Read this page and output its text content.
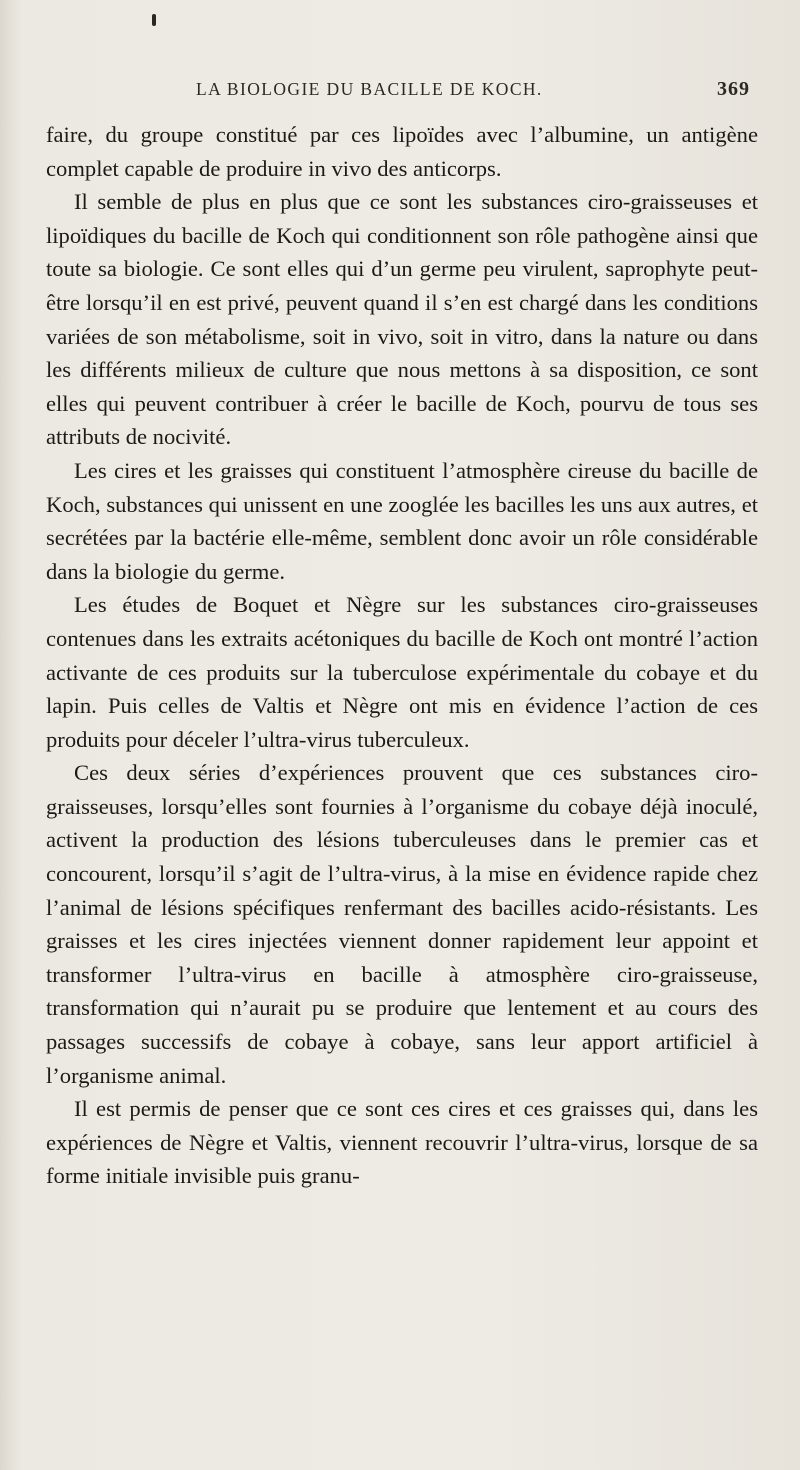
LA BIOLOGIE DU BACILLE DE KOCH.	369

faire, du groupe constitué par ces lipoïdes avec l’albumine, un antigène complet capable de produire in vivo des anticorps.

Il semble de plus en plus que ce sont les substances ciro-graisseuses et lipoïdiques du bacille de Koch qui conditionnent son rôle pathogène ainsi que toute sa biologie. Ce sont elles qui d’un germe peu virulent, saprophyte peut-être lorsqu’il en est privé, peuvent quand il s’en est chargé dans les conditions variées de son métabolisme, soit in vivo, soit in vitro, dans la nature ou dans les différents milieux de culture que nous mettons à sa disposition, ce sont elles qui peuvent contribuer à créer le bacille de Koch, pourvu de tous ses attributs de nocivité.

Les cires et les graisses qui constituent l’atmosphère cireuse du bacille de Koch, substances qui unissent en une zooglée les bacilles les uns aux autres, et secrétées par la bactérie elle-même, semblent donc avoir un rôle considérable dans la biologie du germe.

Les études de Boquet et Nègre sur les substances ciro-graisseuses contenues dans les extraits acétoniques du bacille de Koch ont montré l’action activante de ces produits sur la tuberculose expérimentale du cobaye et du lapin. Puis celles de Valtis et Nègre ont mis en évidence l’action de ces produits pour déceler l’ultra-virus tuberculeux.

Ces deux séries d’expériences prouvent que ces substances ciro-graisseuses, lorsqu’elles sont fournies à l’organisme du cobaye déjà inoculé, activent la production des lésions tuberculeuses dans le premier cas et concourent, lorsqu’il s’agit de l’ultra-virus, à la mise en évidence rapide chez l’animal de lésions spécifiques renfermant des bacilles acido-résistants. Les graisses et les cires injectées viennent donner rapidement leur appoint et transformer l’ultra-virus en bacille à atmosphère ciro-graisseuse, transformation qui n’aurait pu se produire que lentement et au cours des passages successifs de cobaye à cobaye, sans leur apport artificiel à l’organisme animal.

Il est permis de penser que ce sont ces cires et ces graisses qui, dans les expériences de Nègre et Valtis, viennent recouvrir l’ultra-virus, lorsque de sa forme initiale invisible puis granu-
